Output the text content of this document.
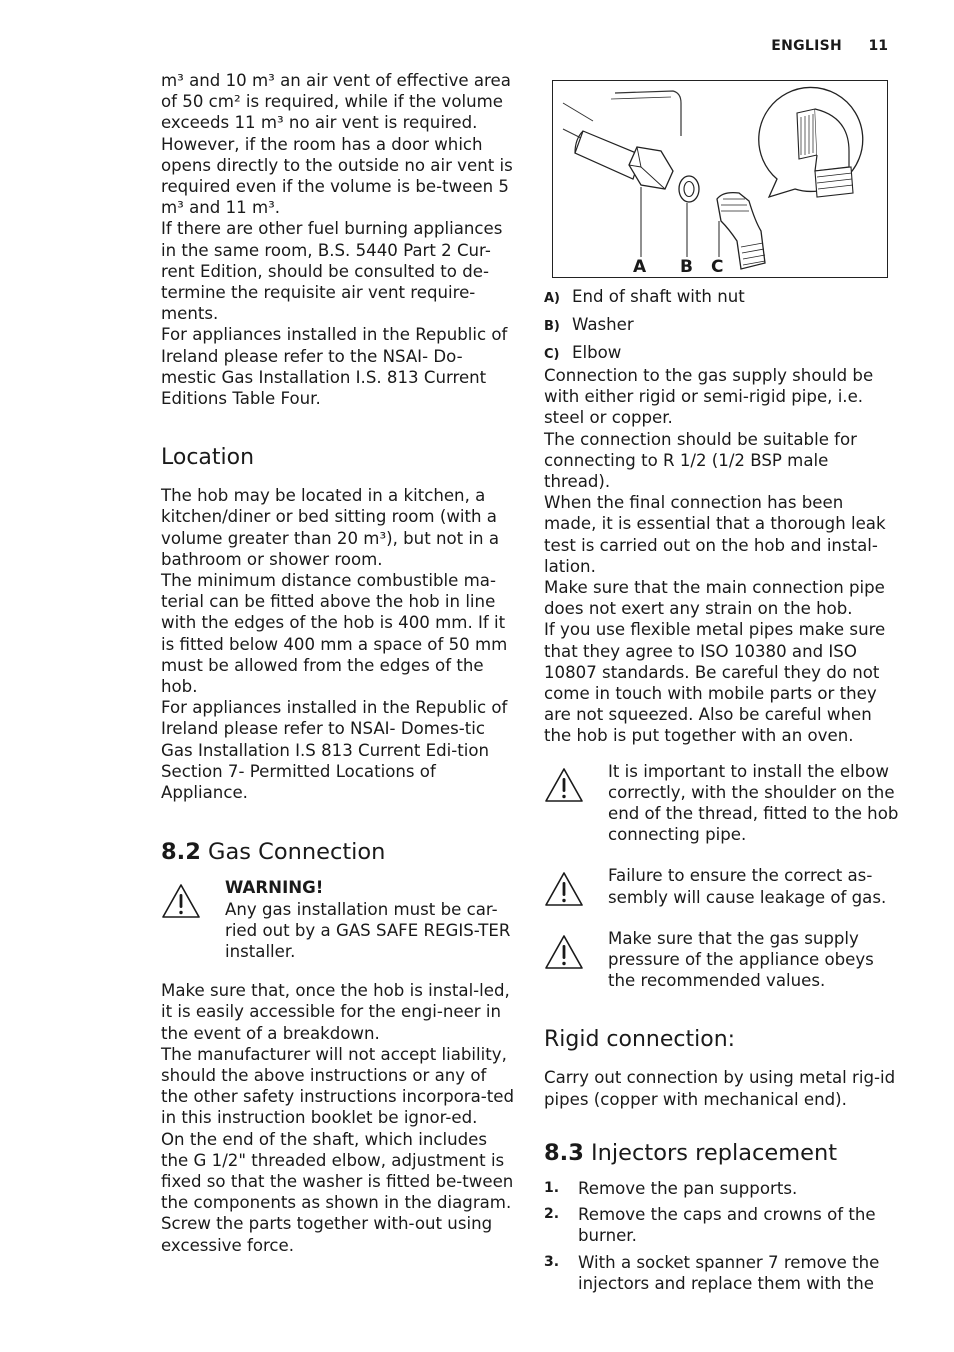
ENGLISH 11

m³ and 10 m³ an air vent of effective area of 50 cm² is required, while if the volume exceeds 11 m³ no air vent is required. However, if the room has a door which opens directly to the outside no air vent is required even if the volume is be-tween 5 m³ and 11 m³.

If there are other fuel burning appliances in the same room, B.S. 5440 Part 2 Cur-rent Edition, should be consulted to de-termine the requisite air vent require-ments.

For appliances installed in the Republic of Ireland please refer to the NSAI- Do-mestic Gas Installation I.S. 813 Current Editions Table Four.

Location

The hob may be located in a kitchen, a kitchen/diner or bed sitting room (with a volume greater than 20 m³), but not in a bathroom or shower room.

The minimum distance combustible ma-terial can be fitted above the hob in line with the edges of the hob is 400 mm. If it is fitted below 400 mm a space of 50 mm must be allowed from the edges of the hob.

For appliances installed in the Republic of Ireland please refer to NSAI- Domes-tic Gas Installation I.S 813 Current Edi-tion Section 7- Permitted Locations of Appliance.

8.2 Gas Connection

WARNING!

Any gas installation must be car-ried out by a GAS SAFE REGIS-TER installer.

Make sure that, once the hob is instal-led, it is easily accessible for the engi-neer in the event of a breakdown.

The manufacturer will not accept liability, should the above instructions or any of the other safety instructions incorpora-ted in this instruction booklet be ignor-ed.

On the end of the shaft, which includes the G 1/2" threaded elbow, adjustment is fixed so that the washer is fitted be-tween the components as shown in the diagram. Screw the parts together with-out using excessive force.

A B C
A) End of shaft with nut
B) Washer
C) Elbow

Connection to the gas supply should be with either rigid or semi-rigid pipe, i.e. steel or copper.

The connection should be suitable for connecting to R 1/2 (1/2 BSP male thread).

When the final connection has been made, it is essential that a thorough leak test is carried out on the hob and instal-lation.

Make sure that the main connection pipe does not exert any strain on the hob.

If you use flexible metal pipes make sure that they agree to ISO 10380 and ISO 10807 standards. Be careful they do not come in touch with mobile parts or they are not squeezed. Also be careful when the hob is put together with an oven.

It is important to install the elbow correctly, with the shoulder on the end of the thread, fitted to the hob connecting pipe.

Failure to ensure the correct as-sembly will cause leakage of gas.

Make sure that the gas supply pressure of the appliance obeys the recommended values.

Rigid connection:

Carry out connection by using metal rig-id pipes (copper with mechanical end).

8.3 Injectors replacement
1. Remove the pan supports.
2. Remove the caps and crowns of the burner.
3. With a socket spanner 7 remove the injectors and replace them with the
